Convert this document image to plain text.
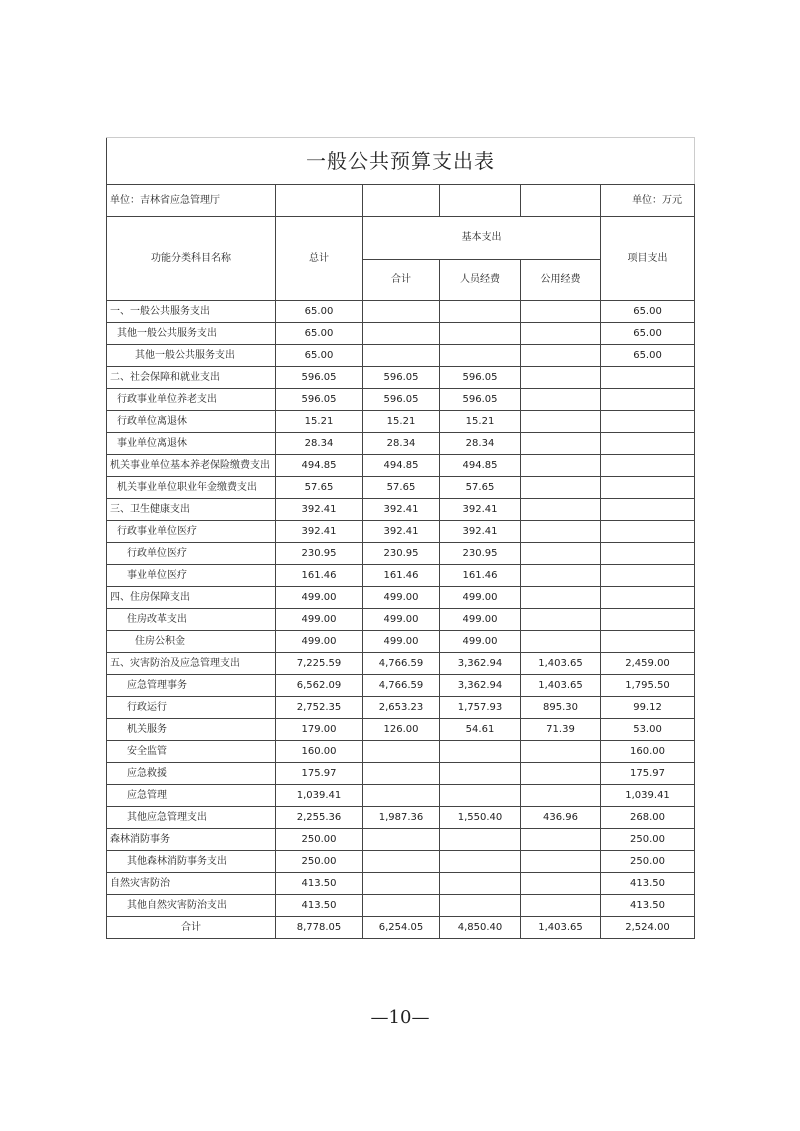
一般公共预算支出表					
单位：吉林省应急管理厅					单位：万元
功能分类科目名称	总计	基本支出			项目支出
		合计	人员经费	公用经费	
一、一般公共服务支出	65.00				65.00
其他一般公共服务支出	65.00				65.00
其他一般公共服务支出	65.00				65.00
二、社会保障和就业支出	596.05	596.05	596.05		
行政事业单位养老支出	596.05	596.05	596.05		
行政单位离退休	15.21	15.21	15.21		
事业单位离退休	28.34	28.34	28.34		
机关事业单位基本养老保险缴费支出	494.85	494.85	494.85		
机关事业单位职业年金缴费支出	57.65	57.65	57.65		
三、卫生健康支出	392.41	392.41	392.41		
行政事业单位医疗	392.41	392.41	392.41		
行政单位医疗	230.95	230.95	230.95		
事业单位医疗	161.46	161.46	161.46		
四、住房保障支出	499.00	499.00	499.00		
住房改革支出	499.00	499.00	499.00		
住房公积金	499.00	499.00	499.00		
五、灾害防治及应急管理支出	7,225.59	4,766.59	3,362.94	1,403.65	2,459.00
应急管理事务	6,562.09	4,766.59	3,362.94	1,403.65	1,795.50
行政运行	2,752.35	2,653.23	1,757.93	895.30	99.12
机关服务	179.00	126.00	54.61	71.39	53.00
安全监管	160.00				160.00
应急救援	175.97				175.97
应急管理	1,039.41				1,039.41
其他应急管理支出	2,255.36	1,987.36	1,550.40	436.96	268.00
森林消防事务	250.00				250.00
其他森林消防事务支出	250.00				250.00
自然灾害防治	413.50				413.50
其他自然灾害防治支出	413.50				413.50
合计	8,778.05	6,254.05	4,850.40	1,403.65	2,524.00
—10—
